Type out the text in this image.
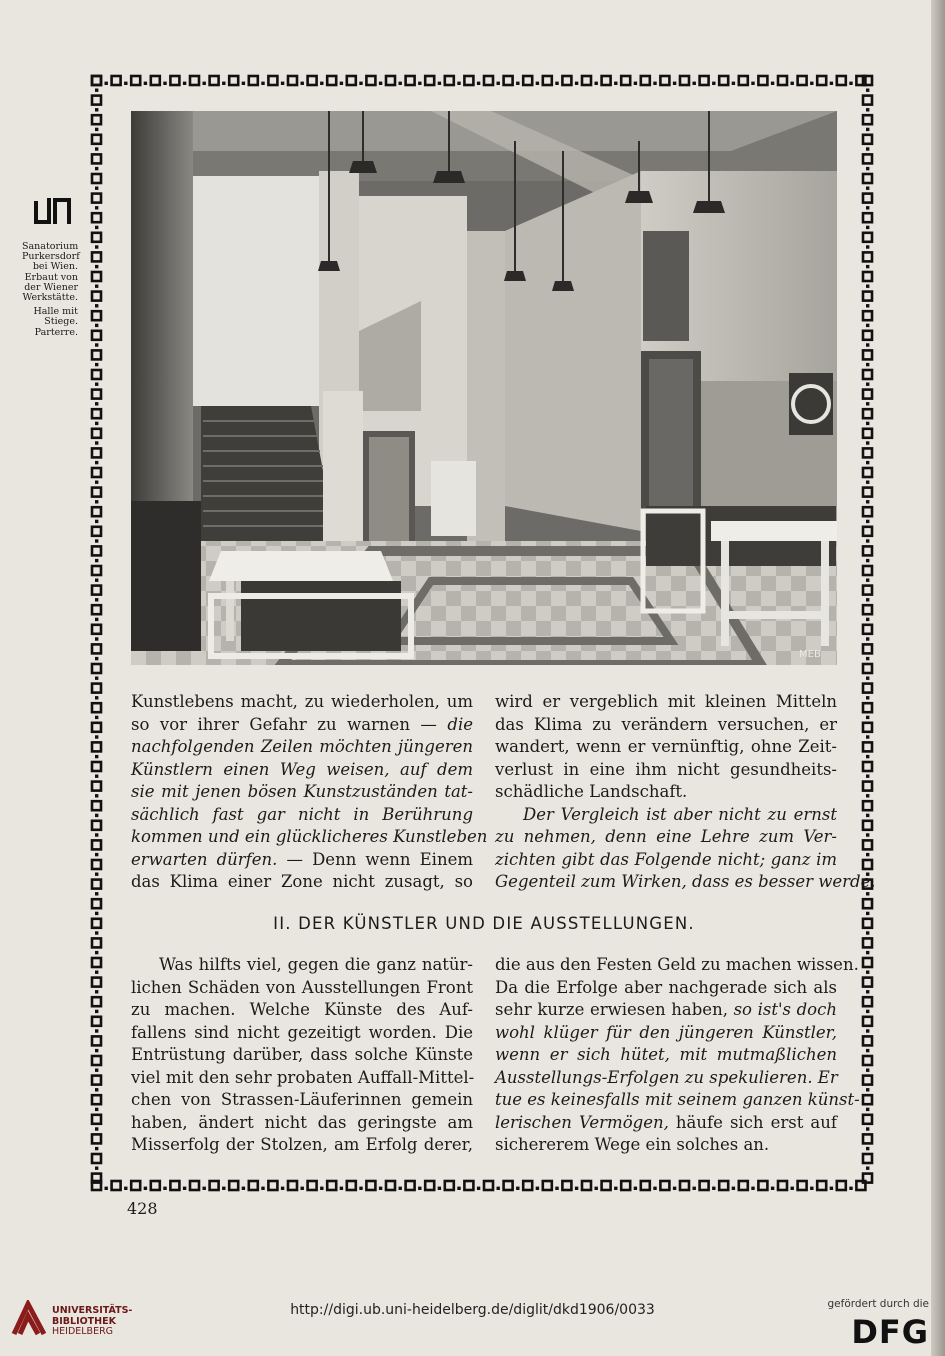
Sanatorium
Purkersdorf
bei Wien.
Erbaut von
der Wiener
Werkstätte.
Halle mit
Stiege.
Parterre.
MEB
Kunstlebens macht, zu wiederholen, um
so vor ihrer Gefahr zu warnen — die
nachfolgenden Zeilen möchten jüngeren
Künstlern einen Weg weisen, auf dem
sie mit jenen bösen Kunstzuständen tat-
sächlich fast gar nicht in Berührung
kommen und ein glücklicheres Kunstleben
erwarten dürfen. — Denn wenn Einem
das Klima einer Zone nicht zusagt, so
wird er vergeblich mit kleinen Mitteln
das Klima zu verändern versuchen, er
wandert, wenn er vernünftig, ohne Zeit-
verlust in eine ihm nicht gesundheits-
schädliche Landschaft.
Der Vergleich ist aber nicht zu ernst
zu nehmen, denn eine Lehre zum Ver-
zichten gibt das Folgende nicht; ganz im
Gegenteil zum Wirken, dass es besser werde.
II. DER KÜNSTLER UND DIE AUSSTELLUNGEN.
Was hilfts viel, gegen die ganz natür-
lichen Schäden von Ausstellungen Front
zu machen. Welche Künste des Auf-
fallens sind nicht gezeitigt worden. Die
Entrüstung darüber, dass solche Künste
viel mit den sehr probaten Auffall-Mittel-
chen von Strassen-Läuferinnen gemein
haben, ändert nicht das geringste am
Misserfolg der Stolzen, am Erfolg derer,
die aus den Festen Geld zu machen wissen.
Da die Erfolge aber nachgerade sich als
sehr kurze erwiesen haben, so ist's doch
wohl klüger für den jüngeren Künstler,
wenn er sich hütet, mit mutmaßlichen
Ausstellungs-Erfolgen zu spekulieren. Er
tue es keinesfalls mit seinem ganzen künst-
lerischen Vermögen, häufe sich erst auf
sichererem Wege ein solches an.
428
UNIVERSITÄTS-
BIBLIOTHEK
HEIDELBERG
http://digi.ub.uni-heidelberg.de/diglit/dkd1906/0033	gefördert durch die
DFG
